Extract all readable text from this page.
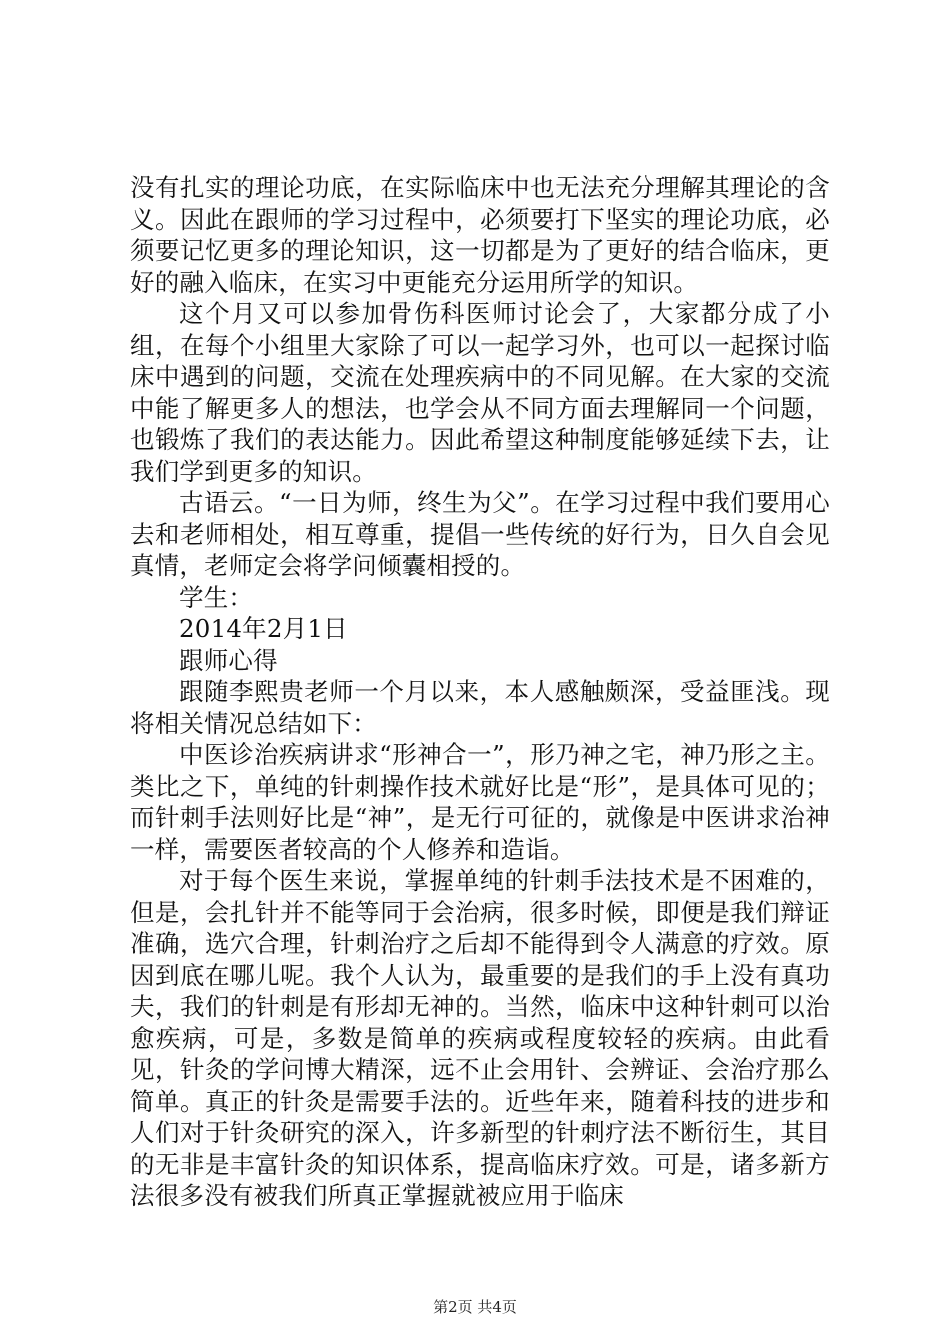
没有扎实的理论功底，在实际临床中也无法充分理解其理论的含义。因此在跟师的学习过程中，必须要打下坚实的理论功底，必须要记忆更多的理论知识，这一切都是为了更好的结合临床，更好的融入临床，在实习中更能充分运用所学的知识。

这个月又可以参加骨伤科医师讨论会了，大家都分成了小组，在每个小组里大家除了可以一起学习外，也可以一起探讨临床中遇到的问题，交流在处理疾病中的不同见解。在大家的交流中能了解更多人的想法，也学会从不同方面去理解同一个问题，也锻炼了我们的表达能力。因此希望这种制度能够延续下去，让我们学到更多的知识。

古语云。“一日为师，终生为父”。在学习过程中我们要用心去和老师相处，相互尊重，提倡一些传统的好行为，日久自会见真情，老师定会将学问倾囊相授的。

学生：

2014年2月1日

跟师心得

跟随李熙贵老师一个月以来，本人感触颇深，受益匪浅。现将相关情况总结如下：

中医诊治疾病讲求“形神合一”，形乃神之宅，神乃形之主。类比之下，单纯的针刺操作技术就好比是“形”，是具体可见的；而针刺手法则好比是“神”，是无行可征的，就像是中医讲求治神一样，需要医者较高的个人修养和造诣。

对于每个医生来说，掌握单纯的针刺手法技术是不困难的，但是，会扎针并不能等同于会治病，很多时候，即便是我们辩证准确，选穴合理，针刺治疗之后却不能得到令人满意的疗效。原因到底在哪儿呢。我个人认为，最重要的是我们的手上没有真功夫，我们的针刺是有形却无神的。当然，临床中这种针刺可以治愈疾病，可是，多数是简单的疾病或程度较轻的疾病。由此看见，针灸的学问博大精深，远不止会用针、会辨证、会治疗那么简单。真正的针灸是需要手法的。近些年来，随着科技的进步和人们对于针灸研究的深入，许多新型的针刺疗法不断衍生，其目的无非是丰富针灸的知识体系，提高临床疗效。可是，诸多新方法很多没有被我们所真正掌握就被应用于临床

第2页 共4页
